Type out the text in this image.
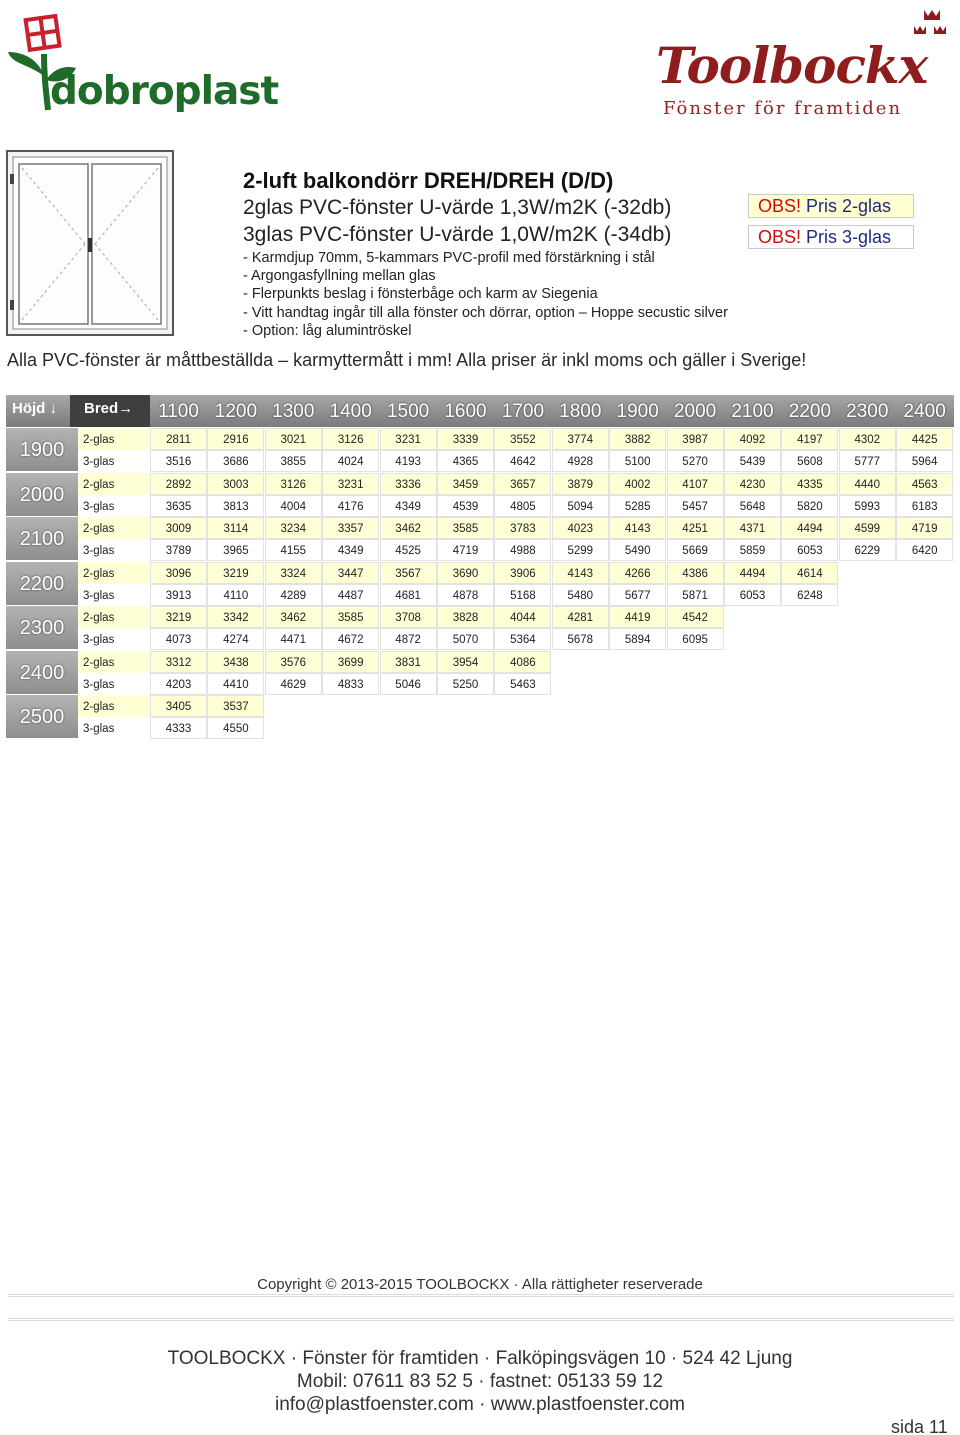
dobroplast	Toolbockx
Fönster för framtiden
2-luft balkondörr DREH/DREH (D/D)
2glas PVC-fönster U-värde 1,3W/m2K (-32db)
3glas PVC-fönster U-värde 1,0W/m2K (-34db)
OBS! Pris 2-glas
OBS! Pris 3-glas
- Karmdjup 70mm, 5-kammars PVC-profil med förstärkning i stål
- Argongasfyllning mellan glas
- Flerpunkts beslag i fönsterbåge och karm av Siegenia
- Vitt handtag ingår till alla fönster och dörrar, option – Hoppe secustic silver
- Option: låg alumintröskel
Alla PVC-fönster är måttbeställda – karmyttermått i mm! Alla priser är inkl moms och gäller i Sverige!
Höjd ↓	Bred→	1100 1200 1300 1400 1500 1600 1700 1800 1900 2000 2100 2200 2300 2400
1900	2-glas	2811	2916	3021	3126	3231	3339	3552	3774	3882	3987	4092	4197	4302	4425
3-glas	3516	3686	3855	4024	4193	4365	4642	4928	5100	5270	5439	5608	5777	5964
2000	2-glas	2892	3003	3126	3231	3336	3459	3657	3879	4002	4107	4230	4335	4440	4563
3-glas	3635	3813	4004	4176	4349	4539	4805	5094	5285	5457	5648	5820	5993	6183
2100	2-glas	3009	3114	3234	3357	3462	3585	3783	4023	4143	4251	4371	4494	4599	4719
3-glas	3789	3965	4155	4349	4525	4719	4988	5299	5490	5669	5859	6053	6229	6420
2200	2-glas	3096	3219	3324	3447	3567	3690	3906	4143	4266	4386	4494	4614
3-glas	3913	4110	4289	4487	4681	4878	5168	5480	5677	5871	6053	6248
2300	2-glas	3219	3342	3462	3585	3708	3828	4044	4281	4419	4542
3-glas	4073	4274	4471	4672	4872	5070	5364	5678	5894	6095
2400	2-glas	3312	3438	3576	3699	3831	3954	4086
3-glas	4203	4410	4629	4833	5046	5250	5463
2500	2-glas	3405	3537
3-glas	4333	4550
Copyright © 2013-2015 TOOLBOCKX · Alla rättigheter reserverade
TOOLBOCKX · Fönster för framtiden · Falköpingsvägen 10 · 524 42 Ljung
Mobil: 07611 83 52 5 · fastnet: 05133 59 12
info@plastfoenster.com · www.plastfoenster.com
sida 11
